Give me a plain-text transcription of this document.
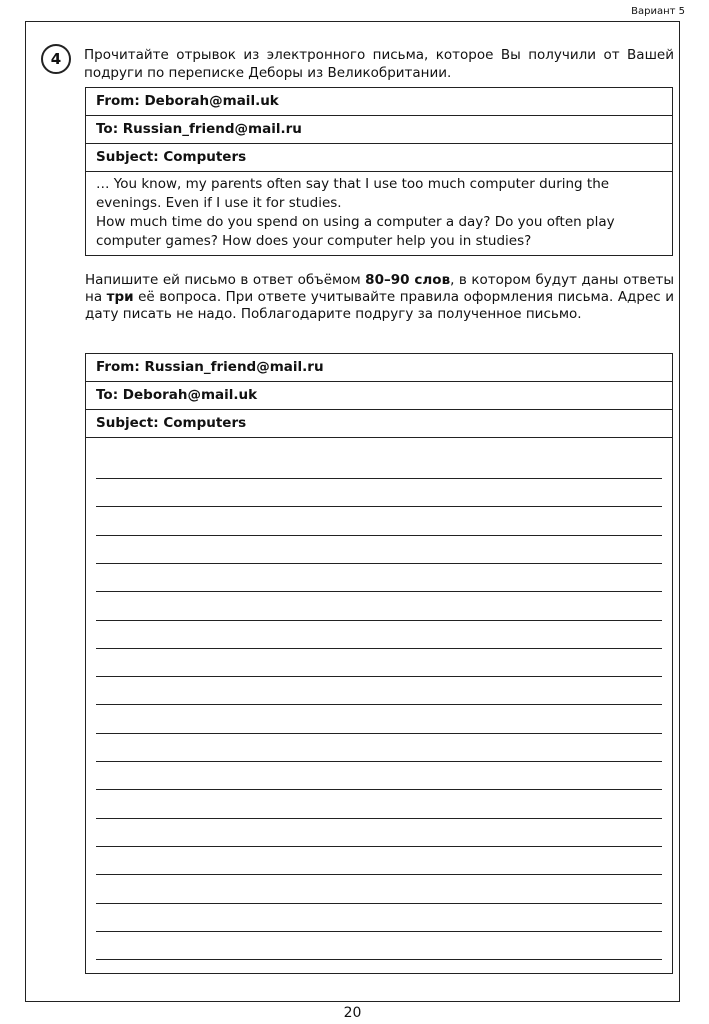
Вариант 5
4	Прочитайте отрывок из электронного письма, которое Вы получили от Вашей подруги по переписке Деборы из Великобритании.

From: Deborah@mail.uk
To: Russian_friend@mail.ru
Subject: Computers

… You know, my parents often say that I use too much computer during the evenings. Even if I use it for studies.

How much time do you spend on using a computer a day? Do you often play computer games? How does your computer help you in studies?

Напишите ей письмо в ответ объёмом 80–90 слов, в котором будут даны ответы на три её вопроса. При ответе учитывайте правила оформления письма. Адрес и дату писать не надо. Поблагодарите подругу за полученное письмо.

From: Russian_friend@mail.ru
To: Deborah@mail.uk
Subject: Computers
20
